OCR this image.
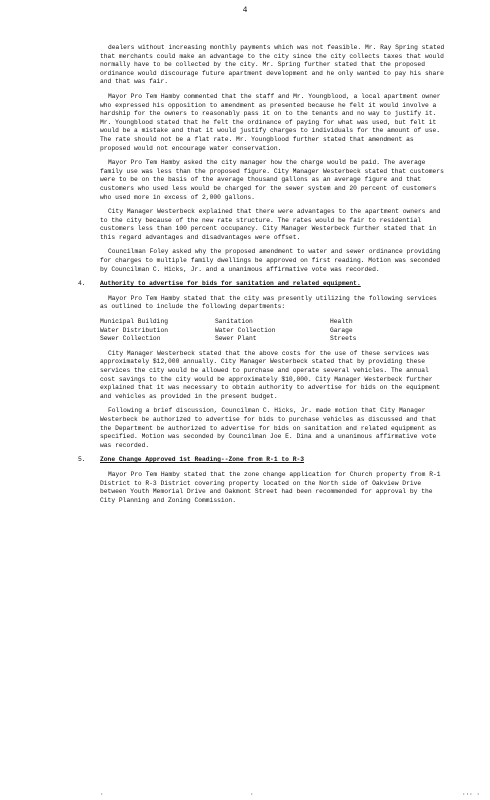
4

dealers without increasing monthly payments which was not feasible. Mr. Ray Spring stated that merchants could make an advantage to the city since the city collects taxes that would normally have to be collected by the city. Mr. Spring further stated that the proposed ordinance would discourage future apartment development and he only wanted to pay his share and that was fair.

Mayor Pro Tem Hamby commented that the staff and Mr. Youngblood, a local apartment owner who expressed his opposition to amendment as presented because he felt it would involve a hardship for the owners to reasonably pass it on to the tenants and no way to justify it. Mr. Youngblood stated that he felt the ordinance of paying for what was used, but felt it would be a mistake and that it would justify charges to individuals for the amount of use. The rate should not be a flat rate. Mr. Youngblood further stated that amendment as proposed would not encourage water conservation.

Mayor Pro Tem Hamby asked the city manager how the charge would be paid. The average family use was less than the proposed figure. City Manager Westerbeck stated that customers were to be on the basis of the average thousand gallons as an average figure and that customers who used less would be charged for the sewer system and 20 percent of customers who used more in excess of 2,000 gallons.

City Manager Westerbeck explained that there were advantages to the apartment owners and to the city because of the new rate structure. The rates would be fair to residential customers less than 100 percent occupancy. City Manager Westerbeck further stated that in this regard advantages and disadvantages were offset.

Councilman Foley asked why the proposed amendment to water and sewer ordinance providing for charges to multiple family dwellings be approved on first reading. Motion was seconded by Councilman C. Hicks, Jr. and a unanimous affirmative vote was recorded.

4.	Authority to advertise for bids for sanitation and related equipment.

Mayor Pro Tem Hamby stated that the city was presently utilizing the following services as outlined to include the following departments:

Municipal Building	Sanitation	Health
Water Distribution	Water Collection	Garage
Sewer Collection	Sewer Plant	Streets

City Manager Westerbeck stated that the above costs for the use of these services was approximately $12,000 annually. City Manager Westerbeck stated that by providing these services the city would be allowed to purchase and operate several vehicles. The annual cost savings to the city would be approximately $10,000. City Manager Westerbeck further explained that it was necessary to obtain authority to advertise for bids on the equipment and vehicles as provided in the present budget.

Following a brief discussion, Councilman C. Hicks, Jr. made motion that City Manager Westerbeck be authorized to advertise for bids to purchase vehicles as discussed and that the Department be authorized to advertise for bids on sanitation and related equipment as specified. Motion was seconded by Councilman Joe E. Dina and a unanimous affirmative vote was recorded.

5.	Zone Change Approved 1st Reading--Zone from R-1 to R-3

Mayor Pro Tem Hamby stated that the zone change application for Church property from R-1 District to R-3 District covering property located on the North side of Oakview Drive between Youth Memorial Drive and Oakmont Street had been recommended for approval by the City Planning and Zoning Commission.

·	·	··· ·
